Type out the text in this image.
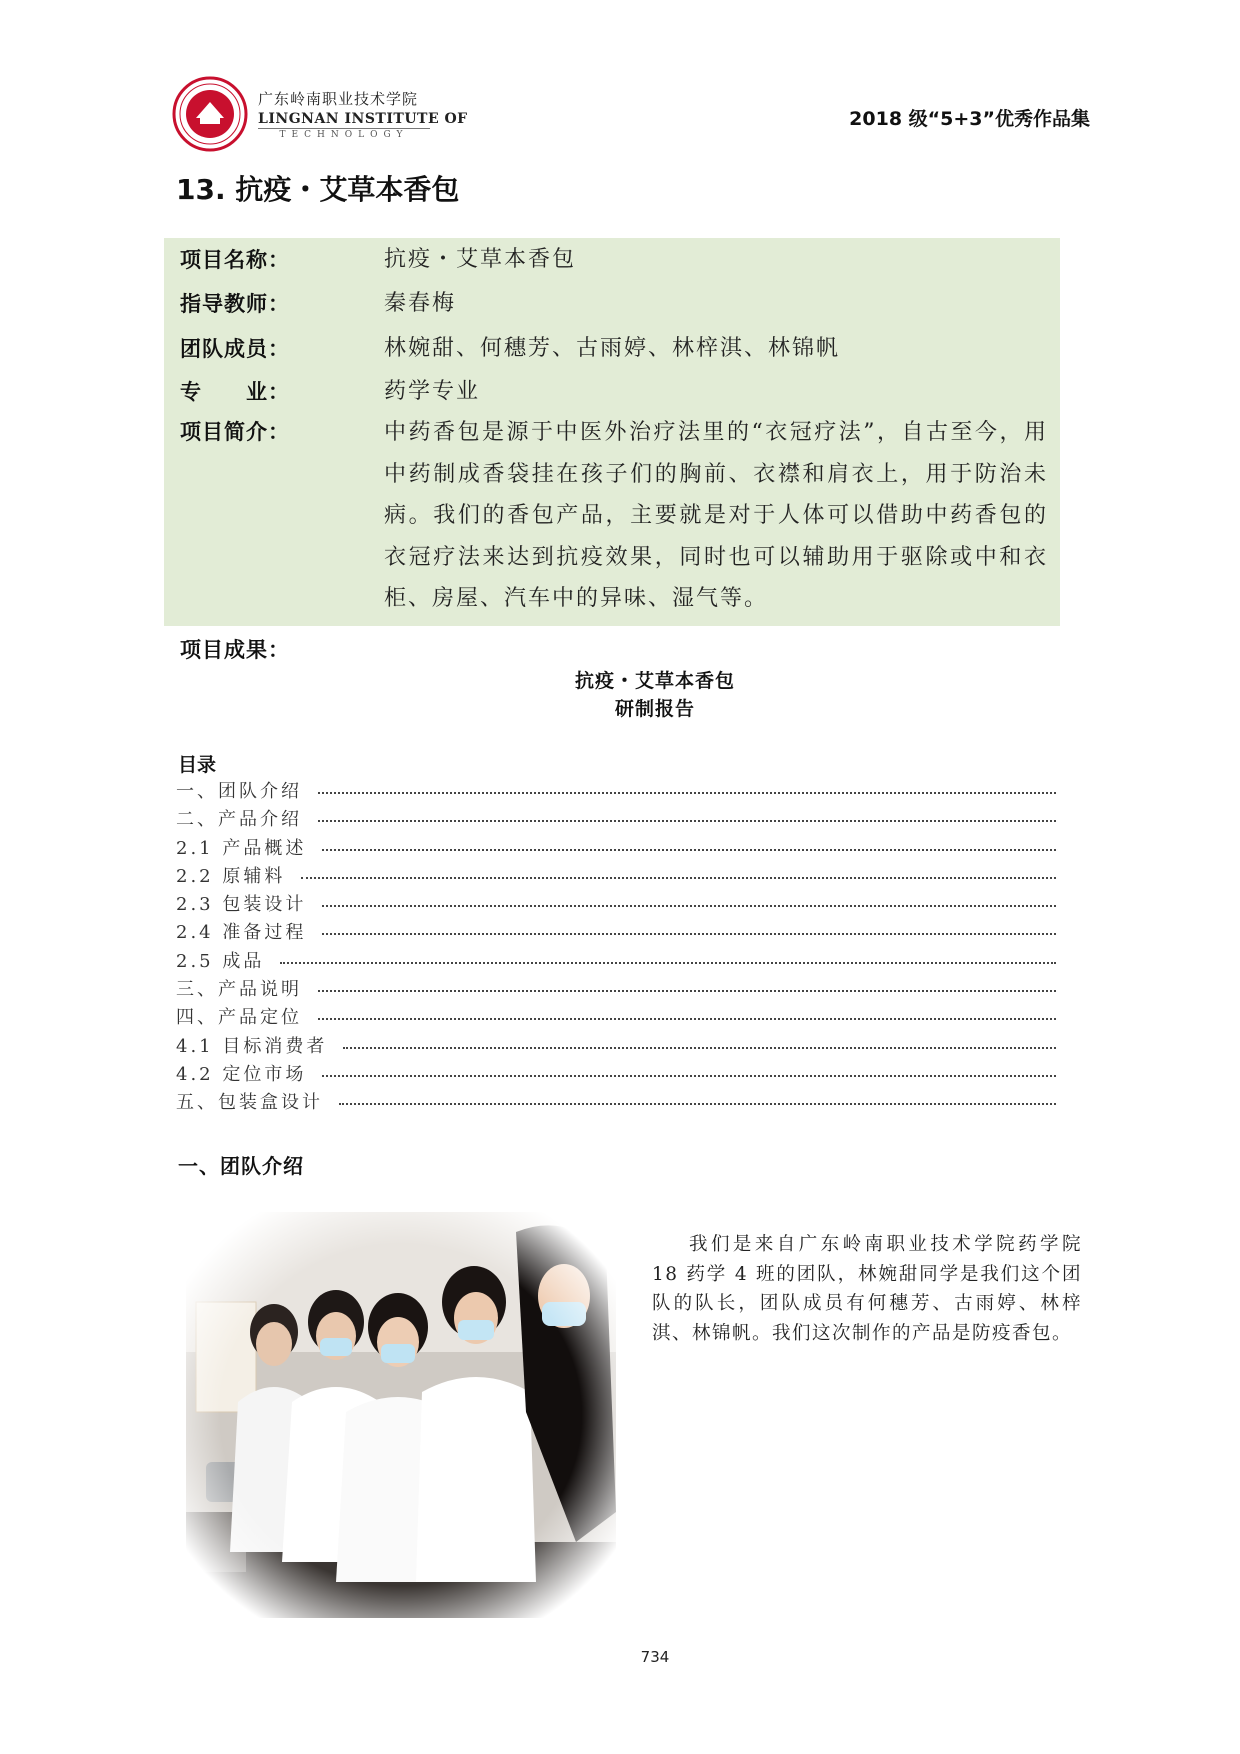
广东岭南职业技术学院
LINGNAN INSTITUTE OF
TECHNOLOGY
2018 级“5+3”优秀作品集
13. 抗疫・艾草本香包
项目名称：	抗疫・艾草本香包
指导教师：	秦春梅
团队成员：	林婉甜、何穗芳、古雨婷、林梓淇、林锦帆
专　　业：	药学专业
项目简介：	中药香包是源于中医外治疗法里的“衣冠疗法”，自古至今，用中药制成香袋挂在孩子们的胸前、衣襟和肩衣上，用于防治未病。我们的香包产品，主要就是对于人体可以借助中药香包的衣冠疗法来达到抗疫效果，同时也可以辅助用于驱除或中和衣柜、房屋、汽车中的异味、湿气等。
项目成果：
抗疫・艾草本香包
研制报告
目录
一、团队介绍
二、产品介绍
2.1 产品概述
2.2 原辅料
2.3 包装设计
2.4 准备过程
2.5 成品
三、产品说明
四、产品定位
4.1 目标消费者
4.2 定位市场
五、包装盒设计
一、团队介绍
我们是来自广东岭南职业技术学院药学院 18 药学 4 班的团队，林婉甜同学是我们这个团队的队长，团队成员有何穗芳、古雨婷、林梓淇、林锦帆。我们这次制作的产品是防疫香包。
734
